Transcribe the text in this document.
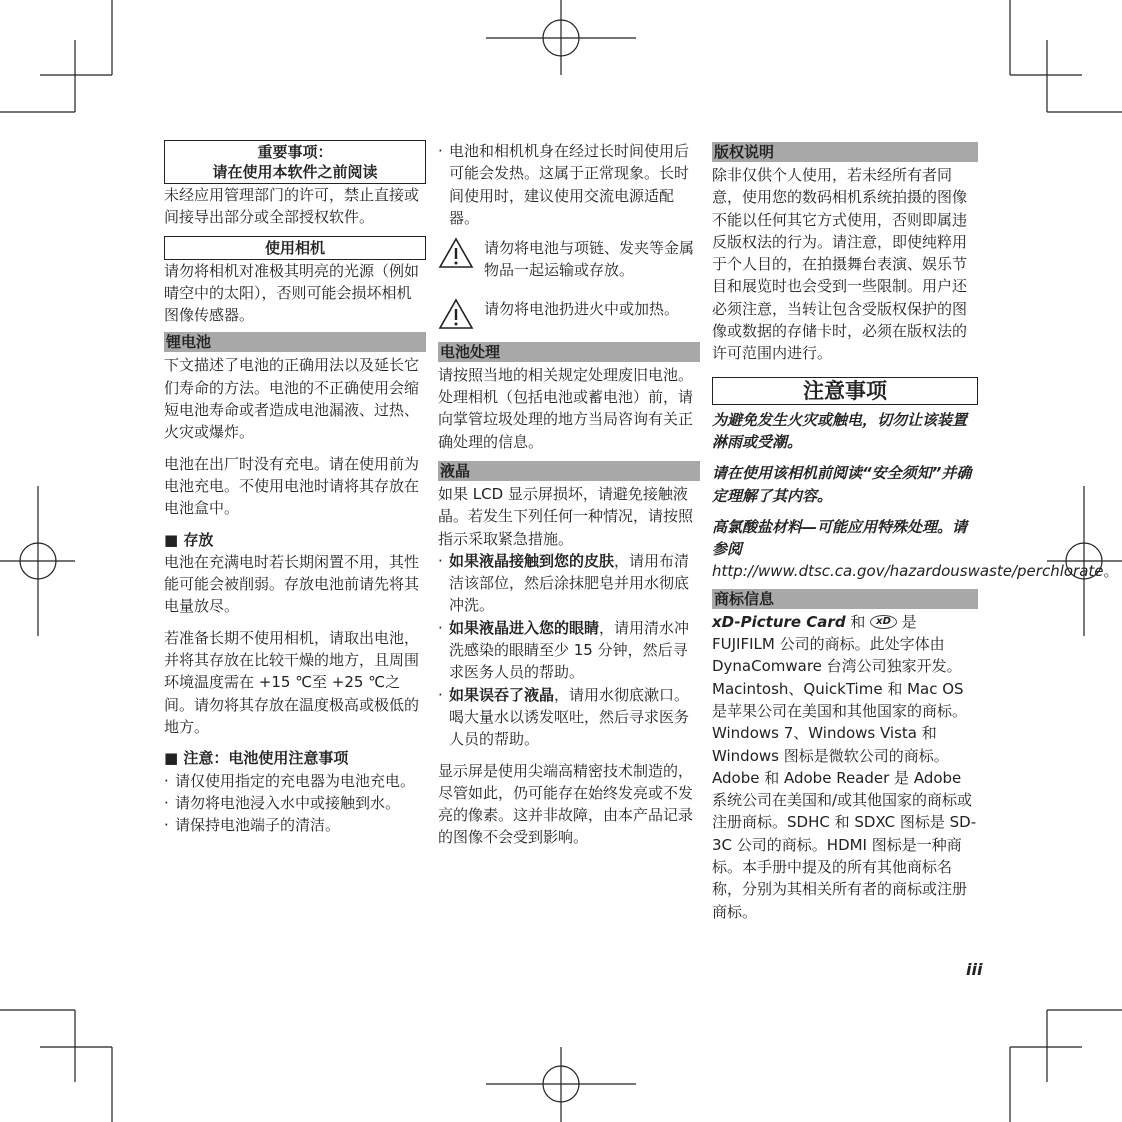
重要事项：
请在使用本软件之前阅读

未经应用管理部门的许可，禁止直接或间接导出部分或全部授权软件。

使用相机

请勿将相机对准极其明亮的光源（例如晴空中的太阳），否则可能会损坏相机图像传感器。

锂电池

下文描述了电池的正确用法以及延长它们寿命的方法。电池的不正确使用会缩短电池寿命或者造成电池漏液、过热、火灾或爆炸。

电池在出厂时没有充电。请在使用前为电池充电。不使用电池时请将其存放在电池盒中。

■ 存放

电池在充满电时若长期闲置不用，其性能可能会被削弱。存放电池前请先将其电量放尽。

若准备长期不使用相机，请取出电池，并将其存放在比较干燥的地方，且周围环境温度需在 +15 ℃至 +25 ℃之间。请勿将其存放在温度极高或极低的地方。

■ 注意：电池使用注意事项

· 请仅使用指定的充电器为电池充电。
· 请勿将电池浸入水中或接触到水。
· 请保持电池端子的清洁。
· 电池和相机机身在经过长时间使用后可能会发热。这属于正常现象。长时间使用时，建议使用交流电源适配器。

请勿将电池与项链、发夹等金属物品一起运输或存放。

请勿将电池扔进火中或加热。

电池处理

请按照当地的相关规定处理废旧电池。处理相机（包括电池或蓄电池）前，请向掌管垃圾处理的地方当局咨询有关正确处理的信息。

液晶

如果 LCD 显示屏损坏，请避免接触液晶。若发生下列任何一种情况，请按照指示采取紧急措施。

· 如果液晶接触到您的皮肤，请用布清洁该部位，然后涂抹肥皂并用水彻底冲洗。
· 如果液晶进入您的眼睛，请用清水冲洗感染的眼睛至少 15 分钟，然后寻求医务人员的帮助。
· 如果误吞了液晶，请用水彻底漱口。喝大量水以诱发呕吐，然后寻求医务人员的帮助。

显示屏是使用尖端高精密技术制造的，尽管如此，仍可能存在始终发亮或不发亮的像素。这并非故障，由本产品记录的图像不会受到影响。

版权说明

除非仅供个人使用，若未经所有者同意，使用您的数码相机系统拍摄的图像不能以任何其它方式使用，否则即属违反版权法的行为。请注意，即使纯粹用于个人目的，在拍摄舞台表演、娱乐节目和展览时也会受到一些限制。用户还必须注意，当转让包含受版权保护的图像或数据的存储卡时，必须在版权法的许可范围内进行。

注意事项

为避免发生火灾或触电，切勿让该装置淋雨或受潮。

请在使用该相机前阅读“安全须知”并确定理解了其内容。

高氯酸盐材料—可能应用特殊处理。请参阅 http://www.dtsc.ca.gov/hazardouswaste/perchlorate。

商标信息

xD-Picture Card 和 xD 是 FUJIFILM 公司的商标。此处字体由 DynaComware 台湾公司独家开发。Macintosh、QuickTime 和 Mac OS 是苹果公司在美国和其他国家的商标。Windows 7、Windows Vista 和 Windows 图标是微软公司的商标。Adobe 和 Adobe Reader 是 Adobe 系统公司在美国和/或其他国家的商标或注册商标。SDHC 和 SDXC 图标是 SD-3C 公司的商标。HDMI 图标是一种商标。本手册中提及的所有其他商标名称，分别为其相关所有者的商标或注册商标。

iii
